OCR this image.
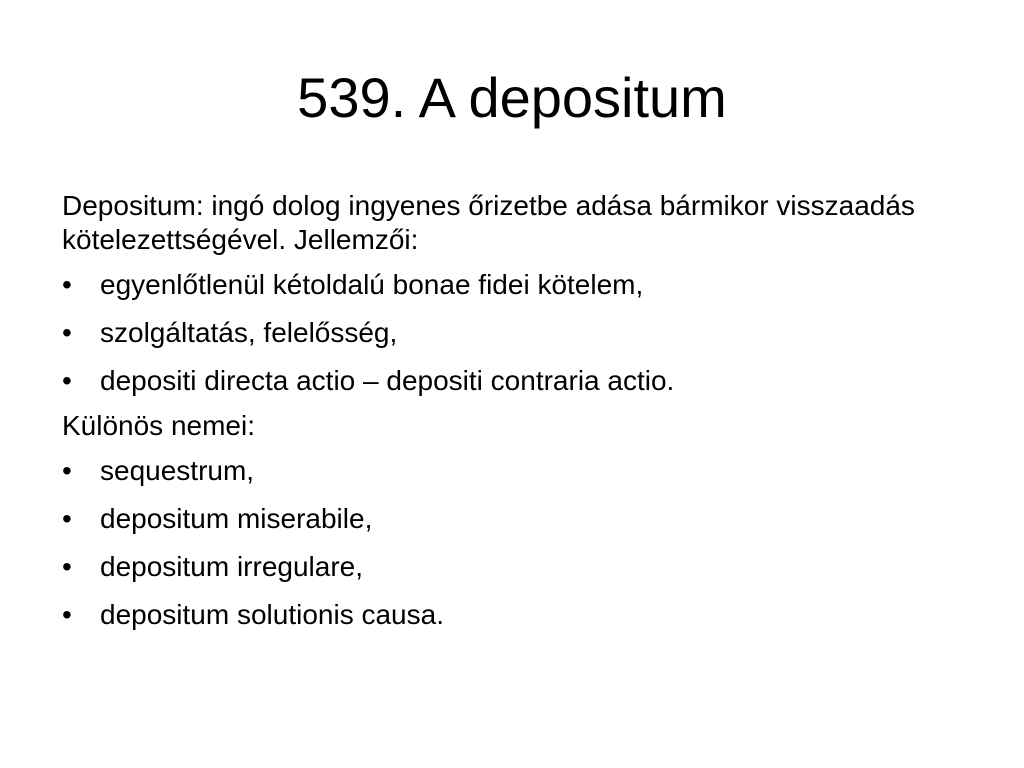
539. A depositum

Depositum: ingó dolog ingyenes őrizetbe adása bármikor visszaadás kötelezettségével. Jellemzői:

• egyenlőtlenül kétoldalú bonae fidei kötelem,
• szolgáltatás, felelősség,
• depositi directa actio – depositi contraria actio.

Különös nemei:

• sequestrum,
• depositum miserabile,
• depositum irregulare,
• depositum solutionis causa.
